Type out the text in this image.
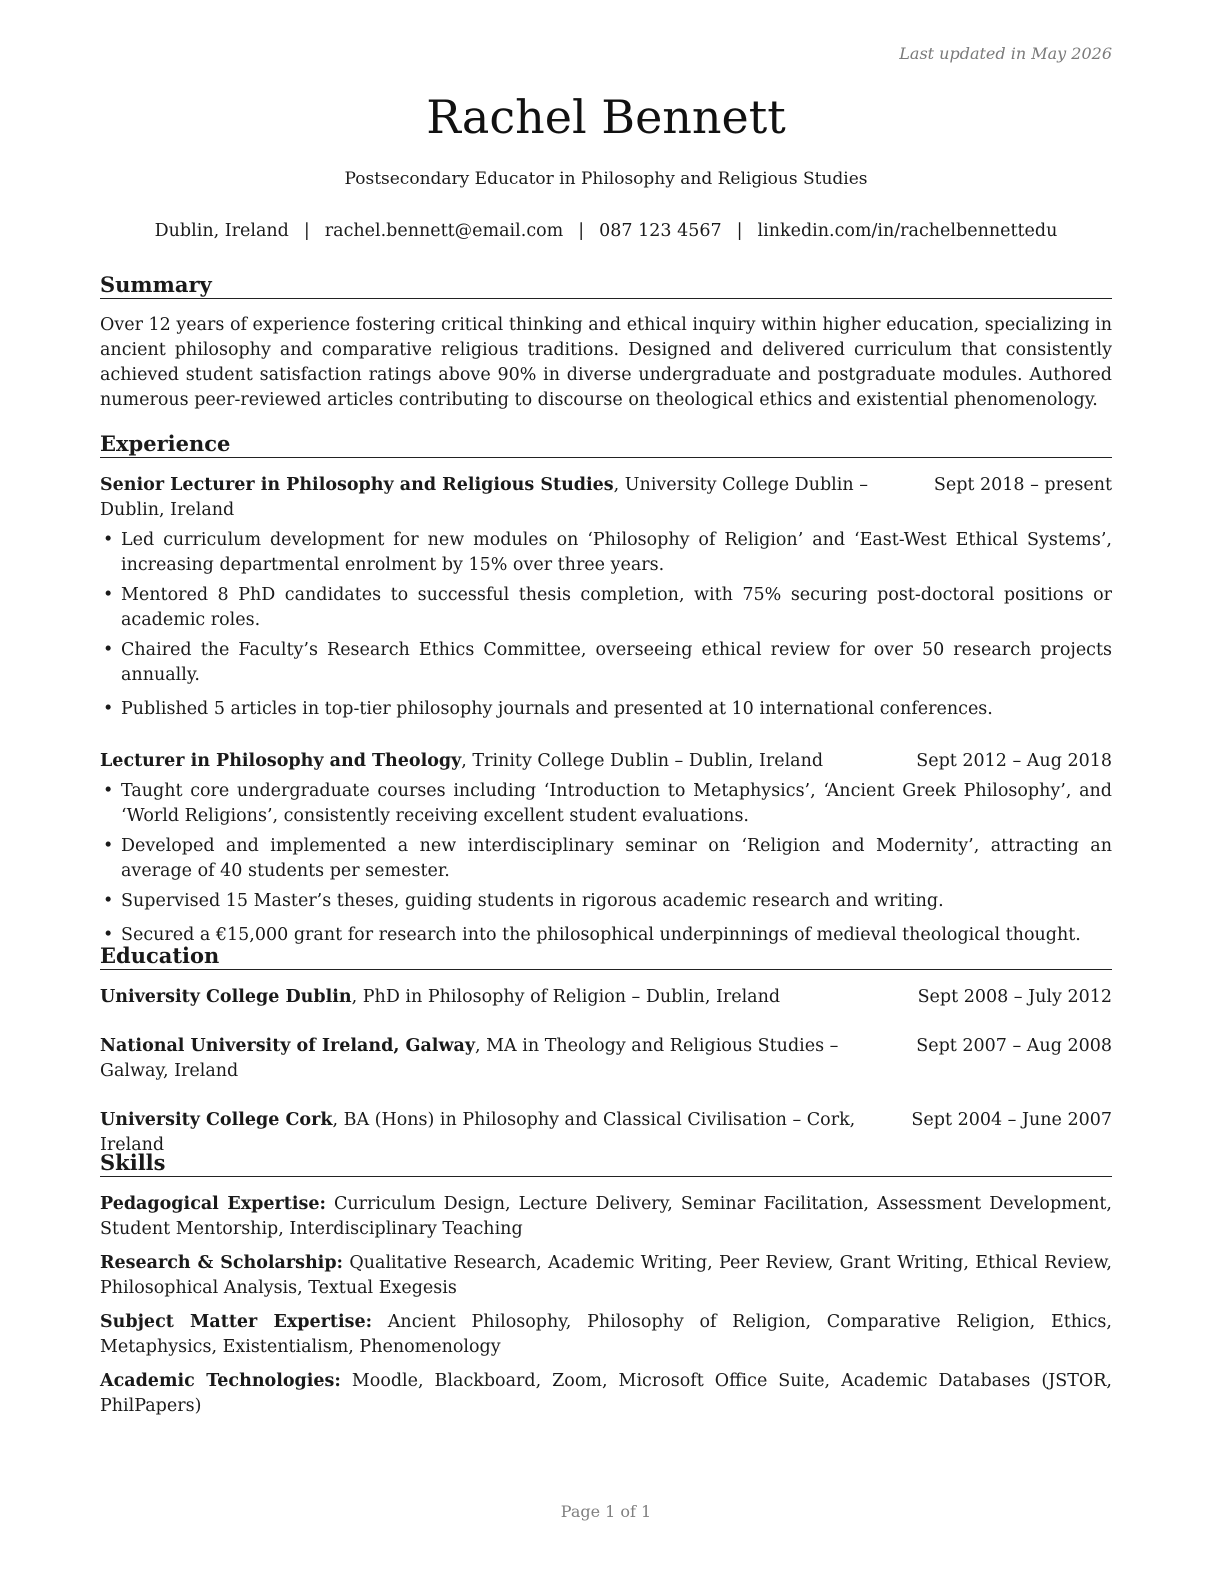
Last updated in May 2026
Rachel Bennett
Postsecondary Educator in Philosophy and Religious Studies
Dublin, Ireland | rachel.bennett@email.com | 087 123 4567 | linkedin.com/in/rachelbennettedu
Summary
Over 12 years of experience fostering critical thinking and ethical inquiry within higher education, specializing in ancient philosophy and comparative religious traditions. Designed and delivered curriculum that consistently achieved student satisfaction ratings above 90% in diverse undergraduate and postgraduate modules. Authored numerous peer-reviewed articles contributing to discourse on theological ethics and existential phenomenology.
Experience
Senior Lecturer in Philosophy and Religious Studies, University College Dublin – Dublin, Ireland
Sept 2018 – present
• Led curriculum development for new modules on ‘Philosophy of Religion’ and ‘East-West Ethical Systems’, increasing departmental enrolment by 15% over three years.
• Mentored 8 PhD candidates to successful thesis completion, with 75% securing post-doctoral positions or academic roles.
• Chaired the Faculty’s Research Ethics Committee, overseeing ethical review for over 50 research projects annually.
• Published 5 articles in top-tier philosophy journals and presented at 10 international conferences.
Lecturer in Philosophy and Theology, Trinity College Dublin – Dublin, Ireland	Sept 2012 – Aug 2018
• Taught core undergraduate courses including ‘Introduction to Metaphysics’, ‘Ancient Greek Philosophy’, and ‘World Religions’, consistently receiving excellent student evaluations.
• Developed and implemented a new interdisciplinary seminar on ‘Religion and Modernity’, attracting an average of 40 students per semester.
• Supervised 15 Master’s theses, guiding students in rigorous academic research and writing.
• Secured a €15,000 grant for research into the philosophical underpinnings of medieval theological thought.
Education
University College Dublin, PhD in Philosophy of Religion – Dublin, Ireland	Sept 2008 – July 2012
National University of Ireland, Galway, MA in Theology and Religious Studies – Galway, Ireland
Sept 2007 – Aug 2008
University College Cork, BA (Hons) in Philosophy and Classical Civilisation – Cork, Ireland
Sept 2004 – June 2007
Skills
Pedagogical Expertise: Curriculum Design, Lecture Delivery, Seminar Facilitation, Assessment Development, Student Mentorship, Interdisciplinary Teaching
Research & Scholarship: Qualitative Research, Academic Writing, Peer Review, Grant Writing, Ethical Review, Philosophical Analysis, Textual Exegesis
Subject Matter Expertise: Ancient Philosophy, Philosophy of Religion, Comparative Religion, Ethics, Metaphysics, Existentialism, Phenomenology
Academic Technologies: Moodle, Blackboard, Zoom, Microsoft Office Suite, Academic Databases (JSTOR, PhilPapers)
Page 1 of 1
